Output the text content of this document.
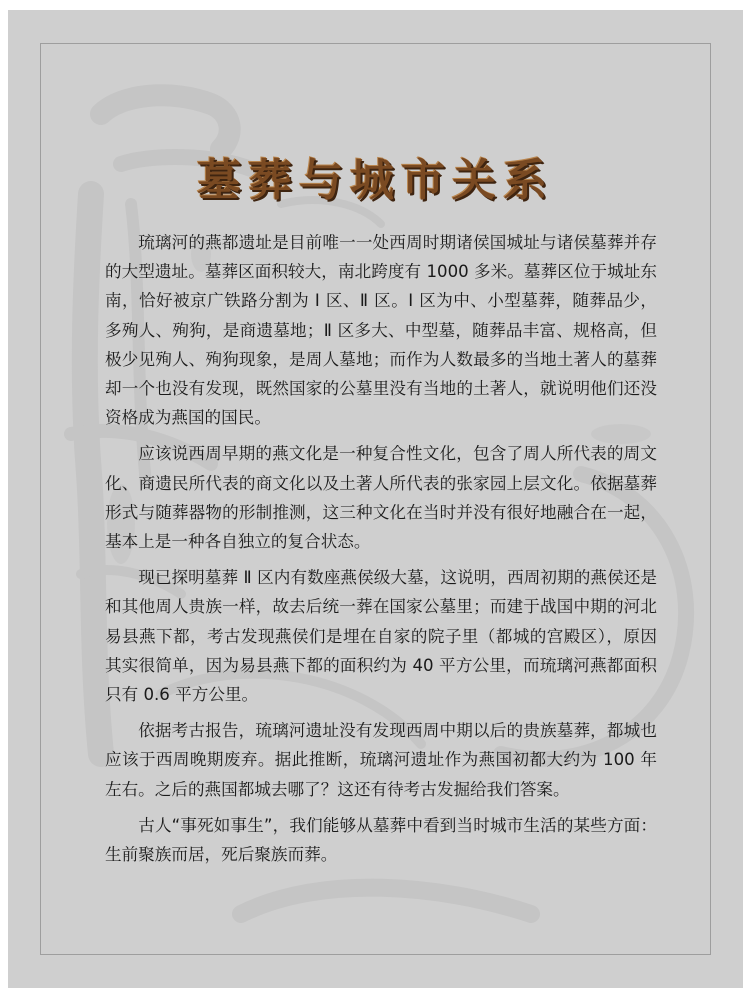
墓葬与城市关系

琉璃河的燕都遗址是目前唯一一处西周时期诸侯国城址与诸侯墓葬并存的大型遗址。墓葬区面积较大，南北跨度有 1000 多米。墓葬区位于城址东南，恰好被京广铁路分割为 Ⅰ 区、Ⅱ 区。Ⅰ 区为中、小型墓葬，随葬品少，多殉人、殉狗，是商遗墓地；Ⅱ 区多大、中型墓，随葬品丰富、规格高，但极少见殉人、殉狗现象，是周人墓地；而作为人数最多的当地土著人的墓葬却一个也没有发现，既然国家的公墓里没有当地的土著人，就说明他们还没资格成为燕国的国民。

应该说西周早期的燕文化是一种复合性文化，包含了周人所代表的周文化、商遗民所代表的商文化以及土著人所代表的张家园上层文化。依据墓葬形式与随葬器物的形制推测，这三种文化在当时并没有很好地融合在一起，基本上是一种各自独立的复合状态。

现已探明墓葬 Ⅱ 区内有数座燕侯级大墓，这说明，西周初期的燕侯还是和其他周人贵族一样，故去后统一葬在国家公墓里；而建于战国中期的河北易县燕下都，考古发现燕侯们是埋在自家的院子里（都城的宫殿区），原因其实很简单，因为易县燕下都的面积约为 40 平方公里，而琉璃河燕都面积只有 0.6 平方公里。

依据考古报告，琉璃河遗址没有发现西周中期以后的贵族墓葬，都城也应该于西周晚期废弃。据此推断，琉璃河遗址作为燕国初都大约为 100 年左右。之后的燕国都城去哪了？这还有待考古发掘给我们答案。

古人“事死如事生”，我们能够从墓葬中看到当时城市生活的某些方面：生前聚族而居，死后聚族而葬。
